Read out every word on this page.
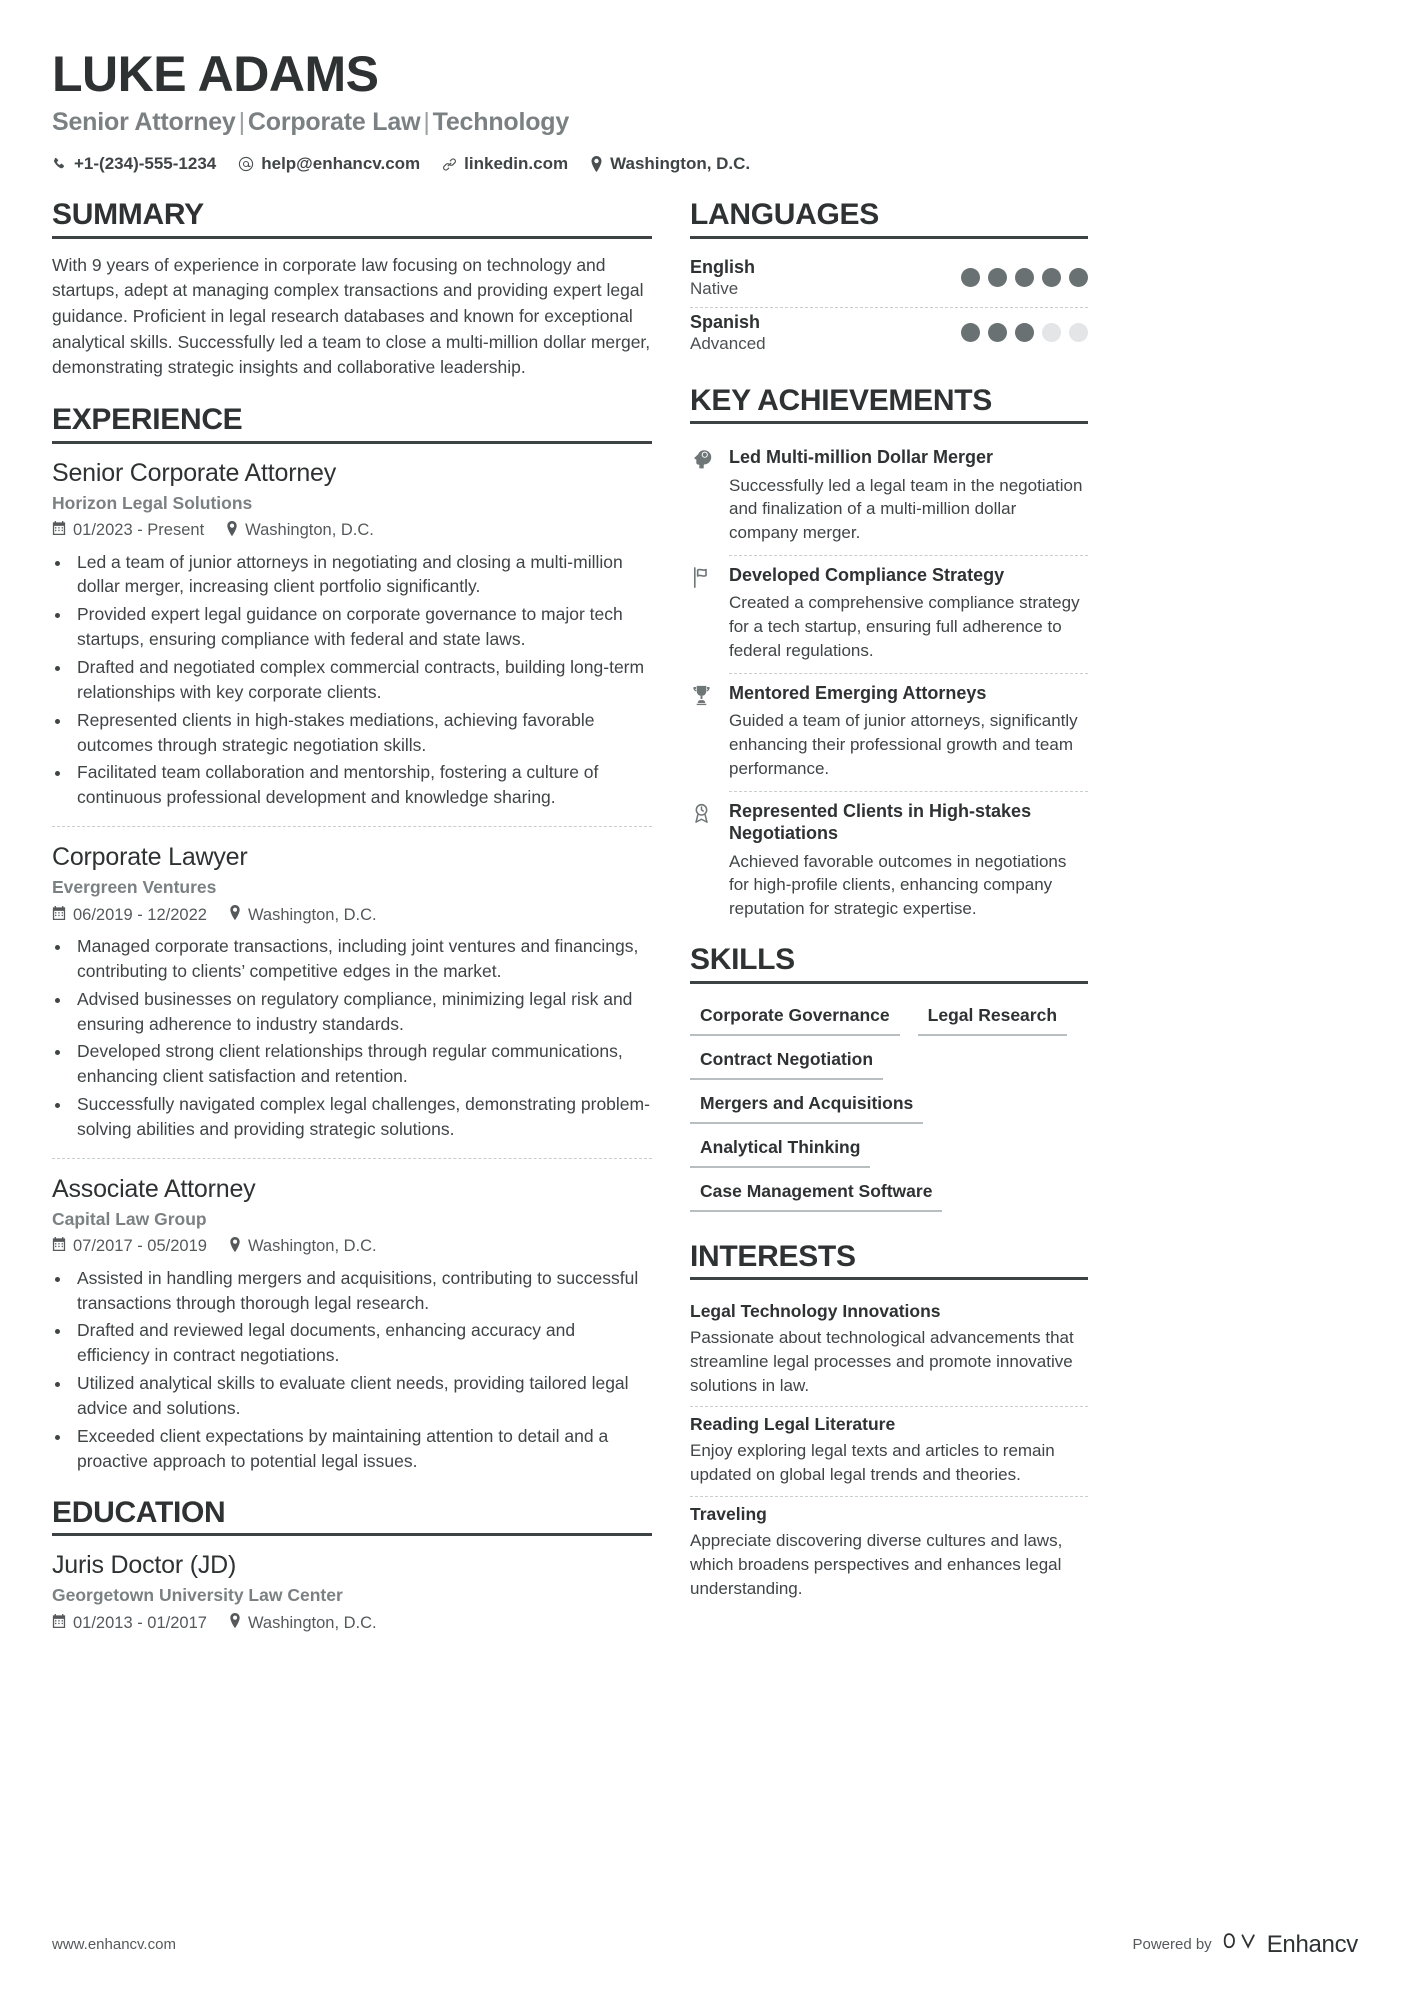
LUKE ADAMS
Senior Attorney | Corporate Law | Technology
+1-(234)-555-1234	help@enhancv.com	linkedin.com Washington, D.C.
SUMMARY
With 9 years of experience in corporate law focusing on technology and startups, adept at managing complex transactions and providing expert legal guidance. Proficient in legal research databases and known for exceptional analytical skills. Successfully led a team to close a multi-million dollar merger, demonstrating strategic insights and collaborative leadership.
EXPERIENCE
Senior Corporate Attorney
Horizon Legal Solutions
01/2023 - Present Washington, D.C.
• Led a team of junior attorneys in negotiating and closing a multi-million dollar merger, increasing client portfolio significantly.
• Provided expert legal guidance on corporate governance to major tech startups, ensuring compliance with federal and state laws.
• Drafted and negotiated complex commercial contracts, building long-term relationships with key corporate clients.
• Represented clients in high-stakes mediations, achieving favorable outcomes through strategic negotiation skills.
• Facilitated team collaboration and mentorship, fostering a culture of continuous professional development and knowledge sharing.
Corporate Lawyer
Evergreen Ventures
06/2019 - 12/2022 Washington, D.C.
• Managed corporate transactions, including joint ventures and financings, contributing to clients’ competitive edges in the market.
• Advised businesses on regulatory compliance, minimizing legal risk and ensuring adherence to industry standards.
• Developed strong client relationships through regular communications, enhancing client satisfaction and retention.
• Successfully navigated complex legal challenges, demonstrating problem-solving abilities and providing strategic solutions.
Associate Attorney
Capital Law Group
07/2017 - 05/2019 Washington, D.C.
• Assisted in handling mergers and acquisitions, contributing to successful transactions through thorough legal research.
• Drafted and reviewed legal documents, enhancing accuracy and efficiency in contract negotiations.
• Utilized analytical skills to evaluate client needs, providing tailored legal advice and solutions.
• Exceeded client expectations by maintaining attention to detail and a proactive approach to potential legal issues.
EDUCATION
Juris Doctor (JD)
Georgetown University Law Center
01/2013 - 01/2017 Washington, D.C.
LANGUAGES
English
Native
Spanish
Advanced
KEY ACHIEVEMENTS
Led Multi-million Dollar Merger
Successfully led a legal team in the negotiation and finalization of a multi-million dollar company merger.
Developed Compliance Strategy
Created a comprehensive compliance strategy for a tech startup, ensuring full adherence to federal regulations.
Mentored Emerging Attorneys
Guided a team of junior attorneys, significantly enhancing their professional growth and team performance.
Represented Clients in High-stakes Negotiations
Achieved favorable outcomes in negotiations for high-profile clients, enhancing company reputation for strategic expertise.
SKILLS
Corporate Governance	Legal Research
Contract Negotiation
Mergers and Acquisitions
Analytical Thinking
Case Management Software
INTERESTS
Legal Technology Innovations
Passionate about technological advancements that streamline legal processes and promote innovative solutions in law.
Reading Legal Literature
Enjoy exploring legal texts and articles to remain updated on global legal trends and theories.
Traveling
Appreciate discovering diverse cultures and laws, which broadens perspectives and enhances legal understanding.
www.enhancv.com	Powered by Enhancv
